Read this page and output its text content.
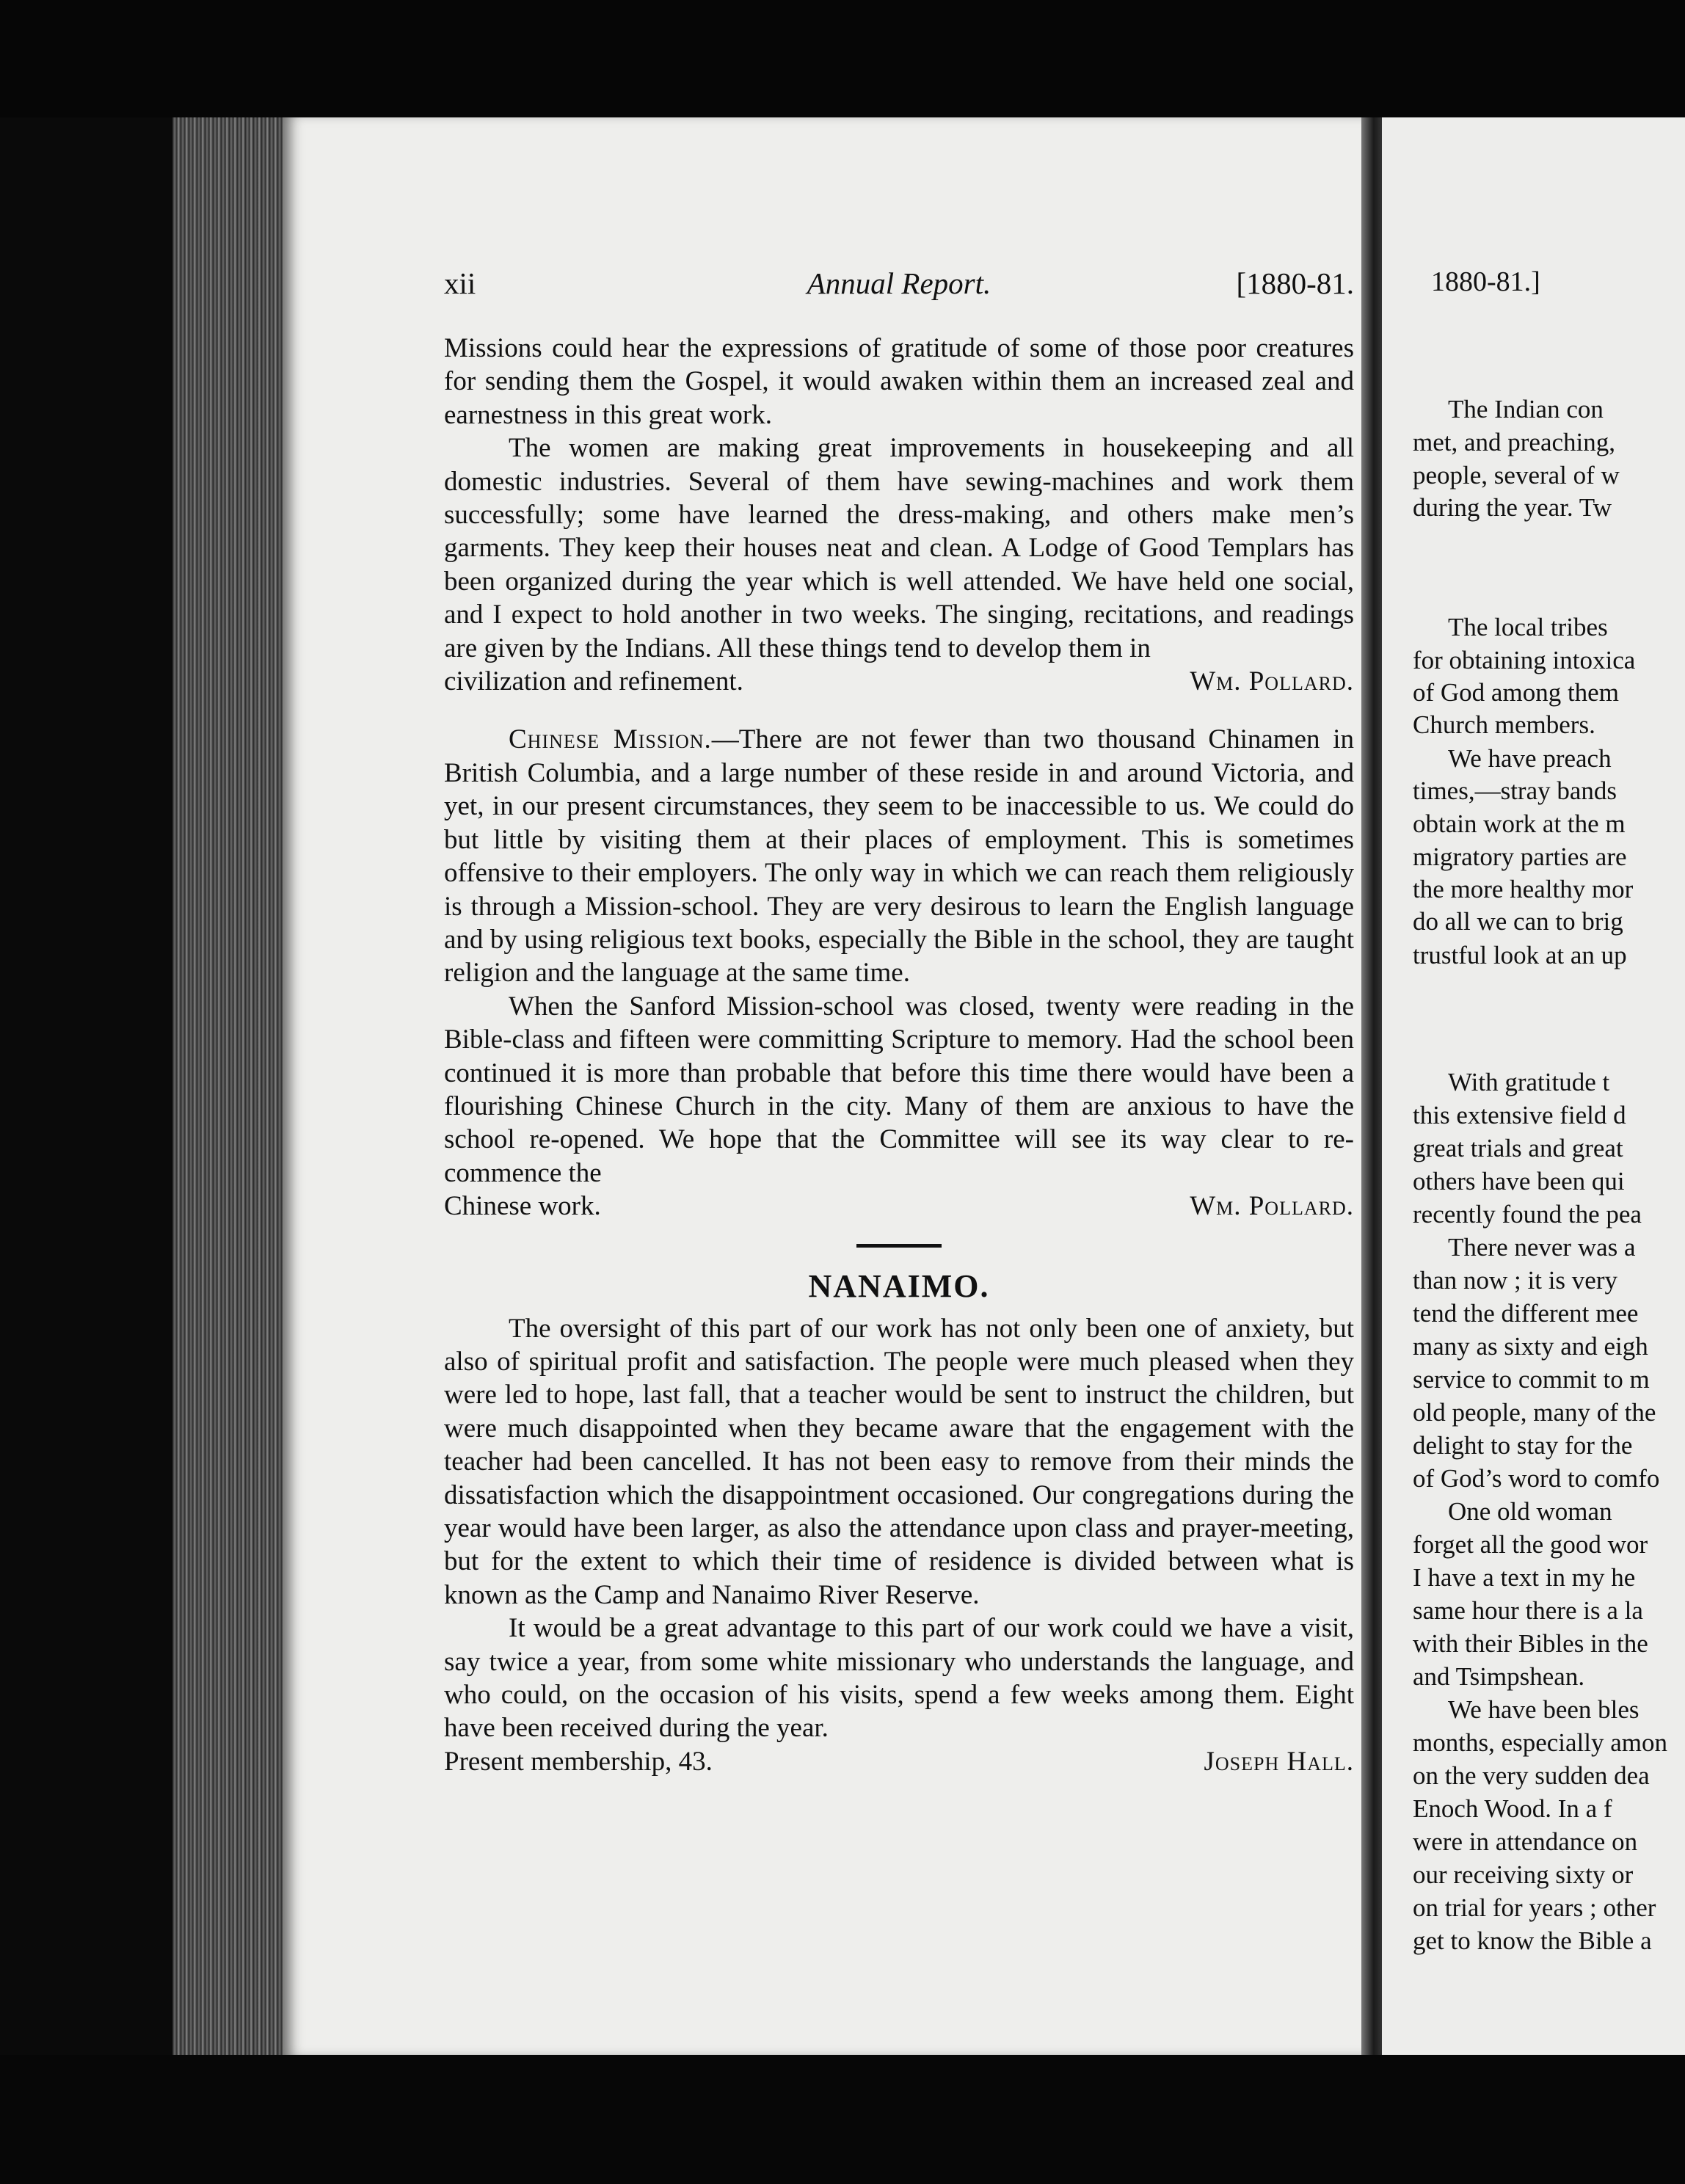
xii	Annual Report.	[1880-81.

Missions could hear the expressions of gratitude of some of those poor creatures for sending them the Gospel, it would awaken within them an increased zeal and earnestness in this great work.

The women are making great improvements in housekeeping and all domestic industries. Several of them have sewing-machines and work them successfully; some have learned the dress-making, and others make men’s garments. They keep their houses neat and clean. A Lodge of Good Templars has been organized during the year which is well attended. We have held one social, and I expect to hold another in two weeks. The singing, recitations, and readings are given by the Indians. All these things tend to develop them in

civilization and refinement.	Wm. Pollard.

Chinese Mission.—There are not fewer than two thousand Chinamen in British Columbia, and a large number of these reside in and around Victoria, and yet, in our present circumstances, they seem to be inaccessible to us. We could do but little by visiting them at their places of employment. This is sometimes offensive to their employers. The only way in which we can reach them religiously is through a Mission-school. They are very desirous to learn the English language and by using religious text books, especially the Bible in the school, they are taught religion and the language at the same time.

When the Sanford Mission-school was closed, twenty were reading in the Bible-class and fifteen were committing Scripture to memory. Had the school been continued it is more than probable that before this time there would have been a flourishing Chinese Church in the city. Many of them are anxious to have the school re-opened. We hope that the Committee will see its way clear to re-commence the

Chinese work.	Wm. Pollard.

NANAIMO.

The oversight of this part of our work has not only been one of anxiety, but also of spiritual profit and satisfaction. The people were much pleased when they were led to hope, last fall, that a teacher would be sent to instruct the children, but were much disappointed when they became aware that the engagement with the teacher had been cancelled. It has not been easy to remove from their minds the dissatisfaction which the disappointment occasioned. Our congregations during the year would have been larger, as also the attendance upon class and prayer-meeting, but for the extent to which their time of residence is divided between what is known as the Camp and Nanaimo River Reserve.

It would be a great advantage to this part of our work could we have a visit, say twice a year, from some white missionary who understands the language, and who could, on the occasion of his visits, spend a few weeks among them. Eight have been received during the year.

Present membership, 43.	Joseph Hall.

1880-81.]
The Indian con
met, and preaching,
people, several of w
during the year. Tw
The local tribes
for obtaining intoxica
of God among them
Church members.
We have preach
times,—stray bands
obtain work at the m
migratory parties are
the more healthy mor
do all we can to brig
trustful look at an up
With gratitude t
this extensive field d
great trials and great
others have been qui
recently found the pea
There never was a
than now ; it is very
tend the different mee
many as sixty and eigh
service to commit to m
old people, many of the
delight to stay for the
of God’s word to comfo
One old woman
forget all the good wor
I have a text in my he
same hour there is a la
with their Bibles in the
and Tsimpshean.
We have been bles
months, especially amon
on the very sudden dea
Enoch Wood. In a f
were in attendance on
our receiving sixty or
on trial for years ; other
get to know the Bible a
